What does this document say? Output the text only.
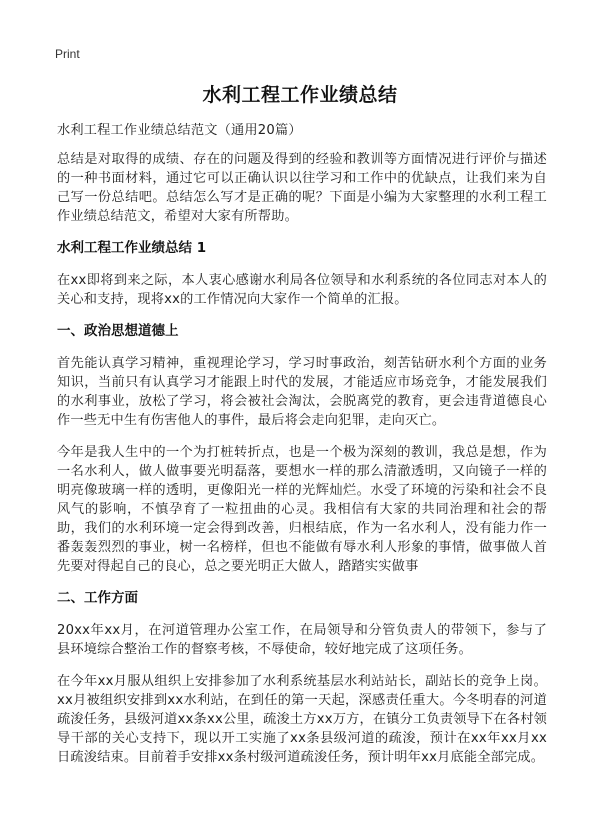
Print
水利工程工作业绩总结

水利工程工作业绩总结范文（通用20篇）

总结是对取得的成绩、存在的问题及得到的经验和教训等方面情况进行评价与描述的一种书面材料，通过它可以正确认识以往学习和工作中的优缺点，让我们来为自己写一份总结吧。总结怎么写才是正确的呢？下面是小编为大家整理的水利工程工作业绩总结范文，希望对大家有所帮助。

水利工程工作业绩总结 1

在xx即将到来之际，本人衷心感谢水利局各位领导和水利系统的各位同志对本人的关心和支持，现将xx的工作情况向大家作一个简单的汇报。

一、政治思想道德上

首先能认真学习精神，重视理论学习，学习时事政治，刻苦钻研水利个方面的业务知识，当前只有认真学习才能跟上时代的发展，才能适应市场竞争，才能发展我们的水利事业，放松了学习，将会被社会淘汰，会脱离党的教育，更会违背道德良心作一些无中生有伤害他人的事件，最后将会走向犯罪，走向灭亡。

今年是我人生中的一个为打桩转折点，也是一个极为深刻的教训，我总是想，作为一名水利人，做人做事要光明磊落，要想水一样的那么清澈透明，又向镜子一样的明亮像玻璃一样的透明，更像阳光一样的光辉灿烂。水受了环境的污染和社会不良风气的影响，不慎孕育了一粒扭曲的心灵。我相信有大家的共同治理和社会的帮助，我们的水利环境一定会得到改善，归根结底，作为一名水利人，没有能力作一番轰轰烈烈的事业，树一名榜样，但也不能做有辱水利人形象的事情，做事做人首先要对得起自己的良心，总之要光明正大做人，踏踏实实做事

二、工作方面

20xx年xx月，在河道管理办公室工作，在局领导和分管负责人的带领下，参与了县环境综合整治工作的督察考核，不辱使命，较好地完成了这项任务。

在今年xx月服从组织上安排参加了水利系统基层水利站站长，副站长的竞争上岗。xx月被组织安排到xx水利站，在到任的第一天起，深感责任重大。今冬明春的河道疏浚任务，县级河道xx条xx公里，疏浚土方xx万方，在镇分工负责领导下在各村领导干部的关心支持下，现以开工实施了xx条县级河道的疏浚，预计在xx年xx月xx日疏浚结束。目前着手安排xx条村级河道疏浚任务，预计明年xx月底能全部完成。
